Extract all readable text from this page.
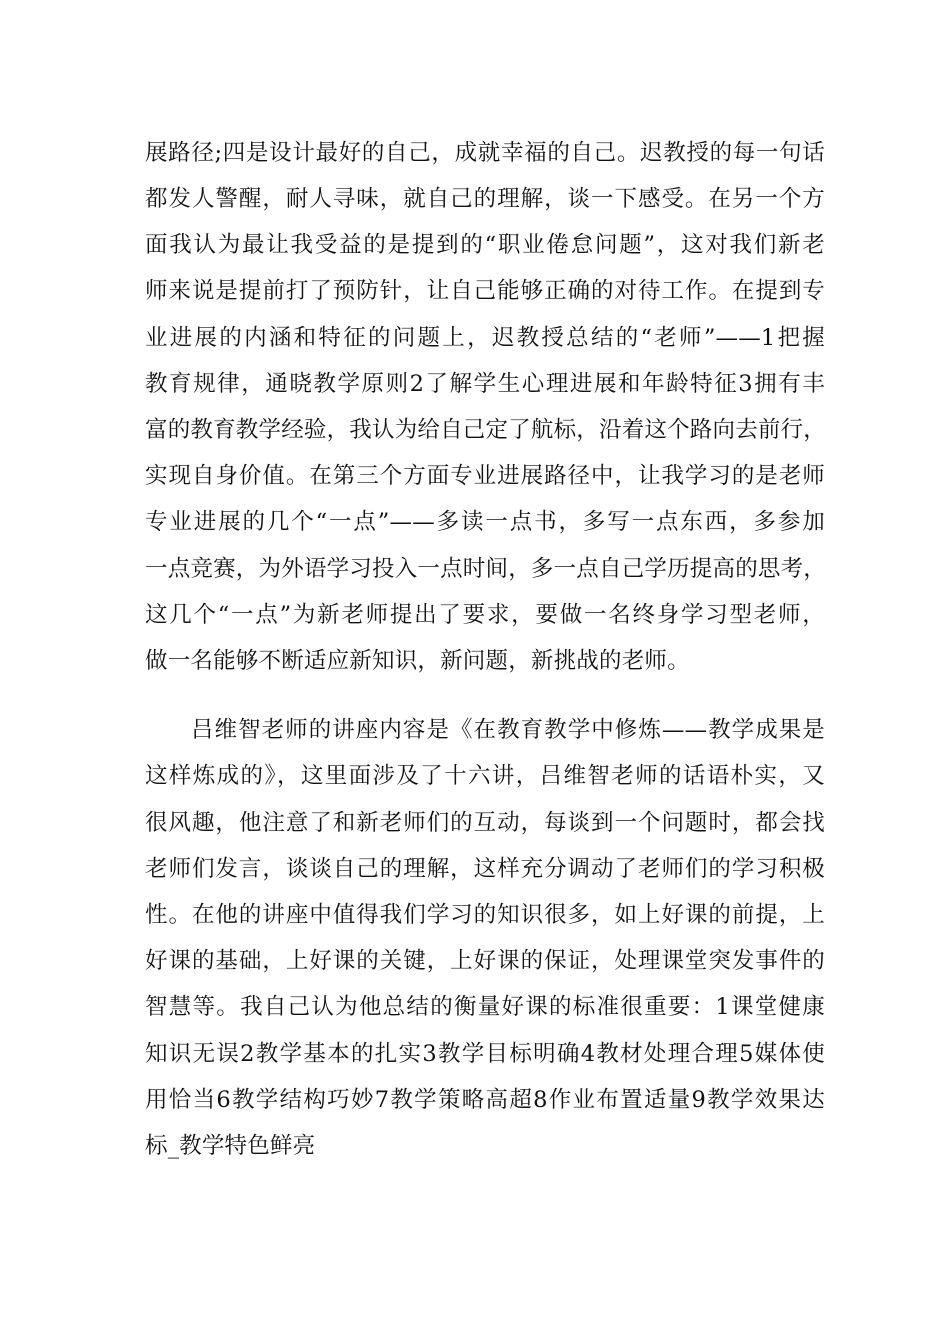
展路径;四是设计最好的自己，成就幸福的自己。迟教授的每一句话
都发人警醒，耐人寻味，就自己的理解，谈一下感受。在另一个方
面我认为最让我受益的是提到的“职业倦怠问题”，这对我们新老
师来说是提前打了预防针，让自己能够正确的对待工作。在提到专
业进展的内涵和特征的问题上，迟教授总结的“老师”——1把握
教育规律，通晓教学原则2了解学生心理进展和年龄特征3拥有丰
富的教育教学经验，我认为给自己定了航标，沿着这个路向去前行，
实现自身价值。在第三个方面专业进展路径中，让我学习的是老师
专业进展的几个“一点”——多读一点书，多写一点东西，多参加
一点竞赛，为外语学习投入一点时间，多一点自己学历提高的思考，
这几个“一点”为新老师提出了要求，要做一名终身学习型老师，
做一名能够不断适应新知识，新问题，新挑战的老师。
吕维智老师的讲座内容是《在教育教学中修炼——教学成果是
这样炼成的》，这里面涉及了十六讲，吕维智老师的话语朴实，又
很风趣，他注意了和新老师们的互动，每谈到一个问题时，都会找
老师们发言，谈谈自己的理解，这样充分调动了老师们的学习积极
性。在他的讲座中值得我们学习的知识很多，如上好课的前提，上
好课的基础，上好课的关键，上好课的保证，处理课堂突发事件的
智慧等。我自己认为他总结的衡量好课的标准很重要：1课堂健康
知识无误2教学基本的扎实3教学目标明确4教材处理合理5媒体使
用恰当6教学结构巧妙7教学策略高超8作业布置适量9教学效果达
标_教学特色鲜亮
